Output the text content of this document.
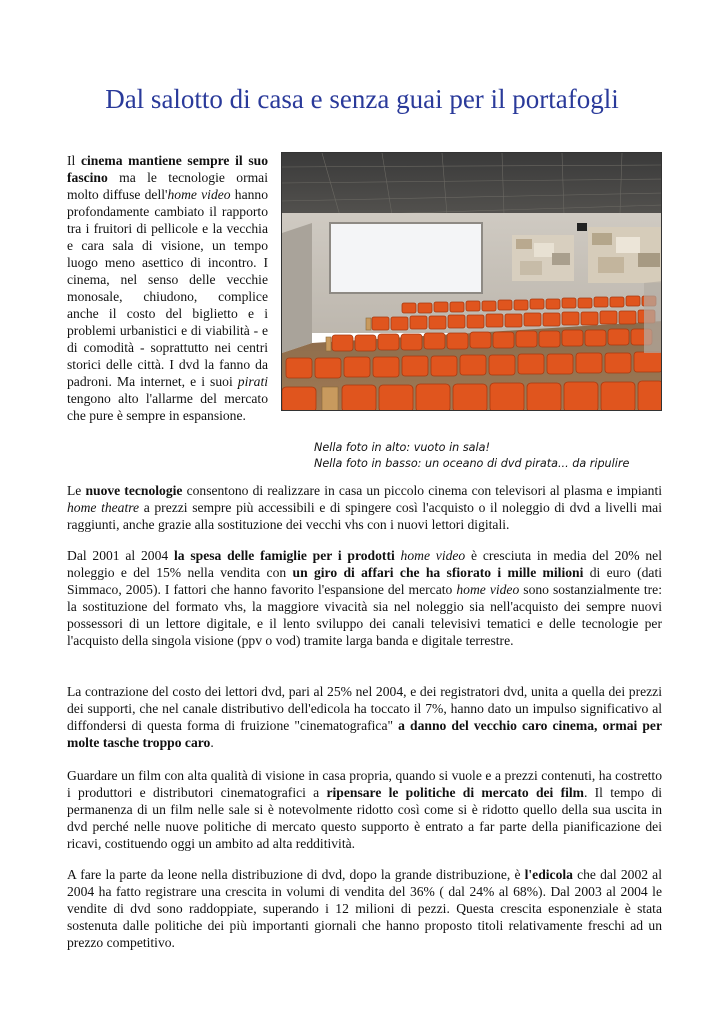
Dal salotto di casa e senza guai per il portafogli

Il cinema mantiene sempre il suo fascino ma le tecnologie ormai molto diffuse dell'home video hanno profondamente cambiato il rapporto tra i fruitori di pellicole e la vecchia e cara sala di visione, un tempo luogo meno asettico di incontro. I cinema, nel senso delle vecchie monosale, chiudono, complice anche il costo del biglietto e i problemi urbanistici e di viabilità - e di comodità - soprattutto nei centri storici delle città. I dvd la fanno da padroni. Ma internet, e i suoi pirati tengono alto l'allarme del mercato che pure è sempre in espansione.

Nella foto in alto: vuoto in sala!
Nella foto in basso: un oceano di dvd pirata... da ripulire

Le nuove tecnologie consentono di realizzare in casa un piccolo cinema con televisori al plasma e impianti home theatre a prezzi sempre più accessibili e di spingere così l'acquisto o il noleggio di dvd a livelli mai raggiunti, anche grazie alla sostituzione dei vecchi vhs con i nuovi lettori digitali.

Dal 2001 al 2004 la spesa delle famiglie per i prodotti home video è cresciuta in media del 20% nel noleggio e del 15% nella vendita con un giro di affari che ha sfiorato i mille milioni di euro (dati Simmaco, 2005). I fattori che hanno favorito l'espansione del mercato home video sono sostanzialmente tre: la sostituzione del formato vhs, la maggiore vivacità sia nel noleggio sia nell'acquisto dei sempre nuovi possessori di un lettore digitale, e il lento sviluppo dei canali televisivi tematici e delle tecnologie per l'acquisto della singola visione (ppv o vod) tramite larga banda e digitale terrestre.

La contrazione del costo dei lettori dvd, pari al 25% nel 2004, e dei registratori dvd, unita a quella dei prezzi dei supporti, che nel canale distributivo dell'edicola ha toccato il 7%, hanno dato un impulso significativo al diffondersi di questa forma di fruizione "cinematografica" a danno del vecchio caro cinema, ormai per molte tasche troppo caro.

Guardare un film con alta qualità di visione in casa propria, quando si vuole e a prezzi contenuti, ha costretto i produttori e distributori cinematografici a ripensare le politiche di mercato dei film. Il tempo di permanenza di un film nelle sale si è notevolmente ridotto così come si è ridotto quello della sua uscita in dvd perché nelle nuove politiche di mercato questo supporto è entrato a far parte della pianificazione dei ricavi, costituendo oggi un ambito ad alta redditività.

A fare la parte da leone nella distribuzione di dvd, dopo la grande distribuzione, è l'edicola che dal 2002 al 2004 ha fatto registrare una crescita in volumi di vendita del 36% ( dal 24% al 68%). Dal 2003 al 2004 le vendite di dvd sono raddoppiate, superando i 12 milioni di pezzi. Questa crescita esponenziale è stata sostenuta dalle politiche dei più importanti giornali che hanno proposto titoli relativamente freschi ad un prezzo competitivo.
